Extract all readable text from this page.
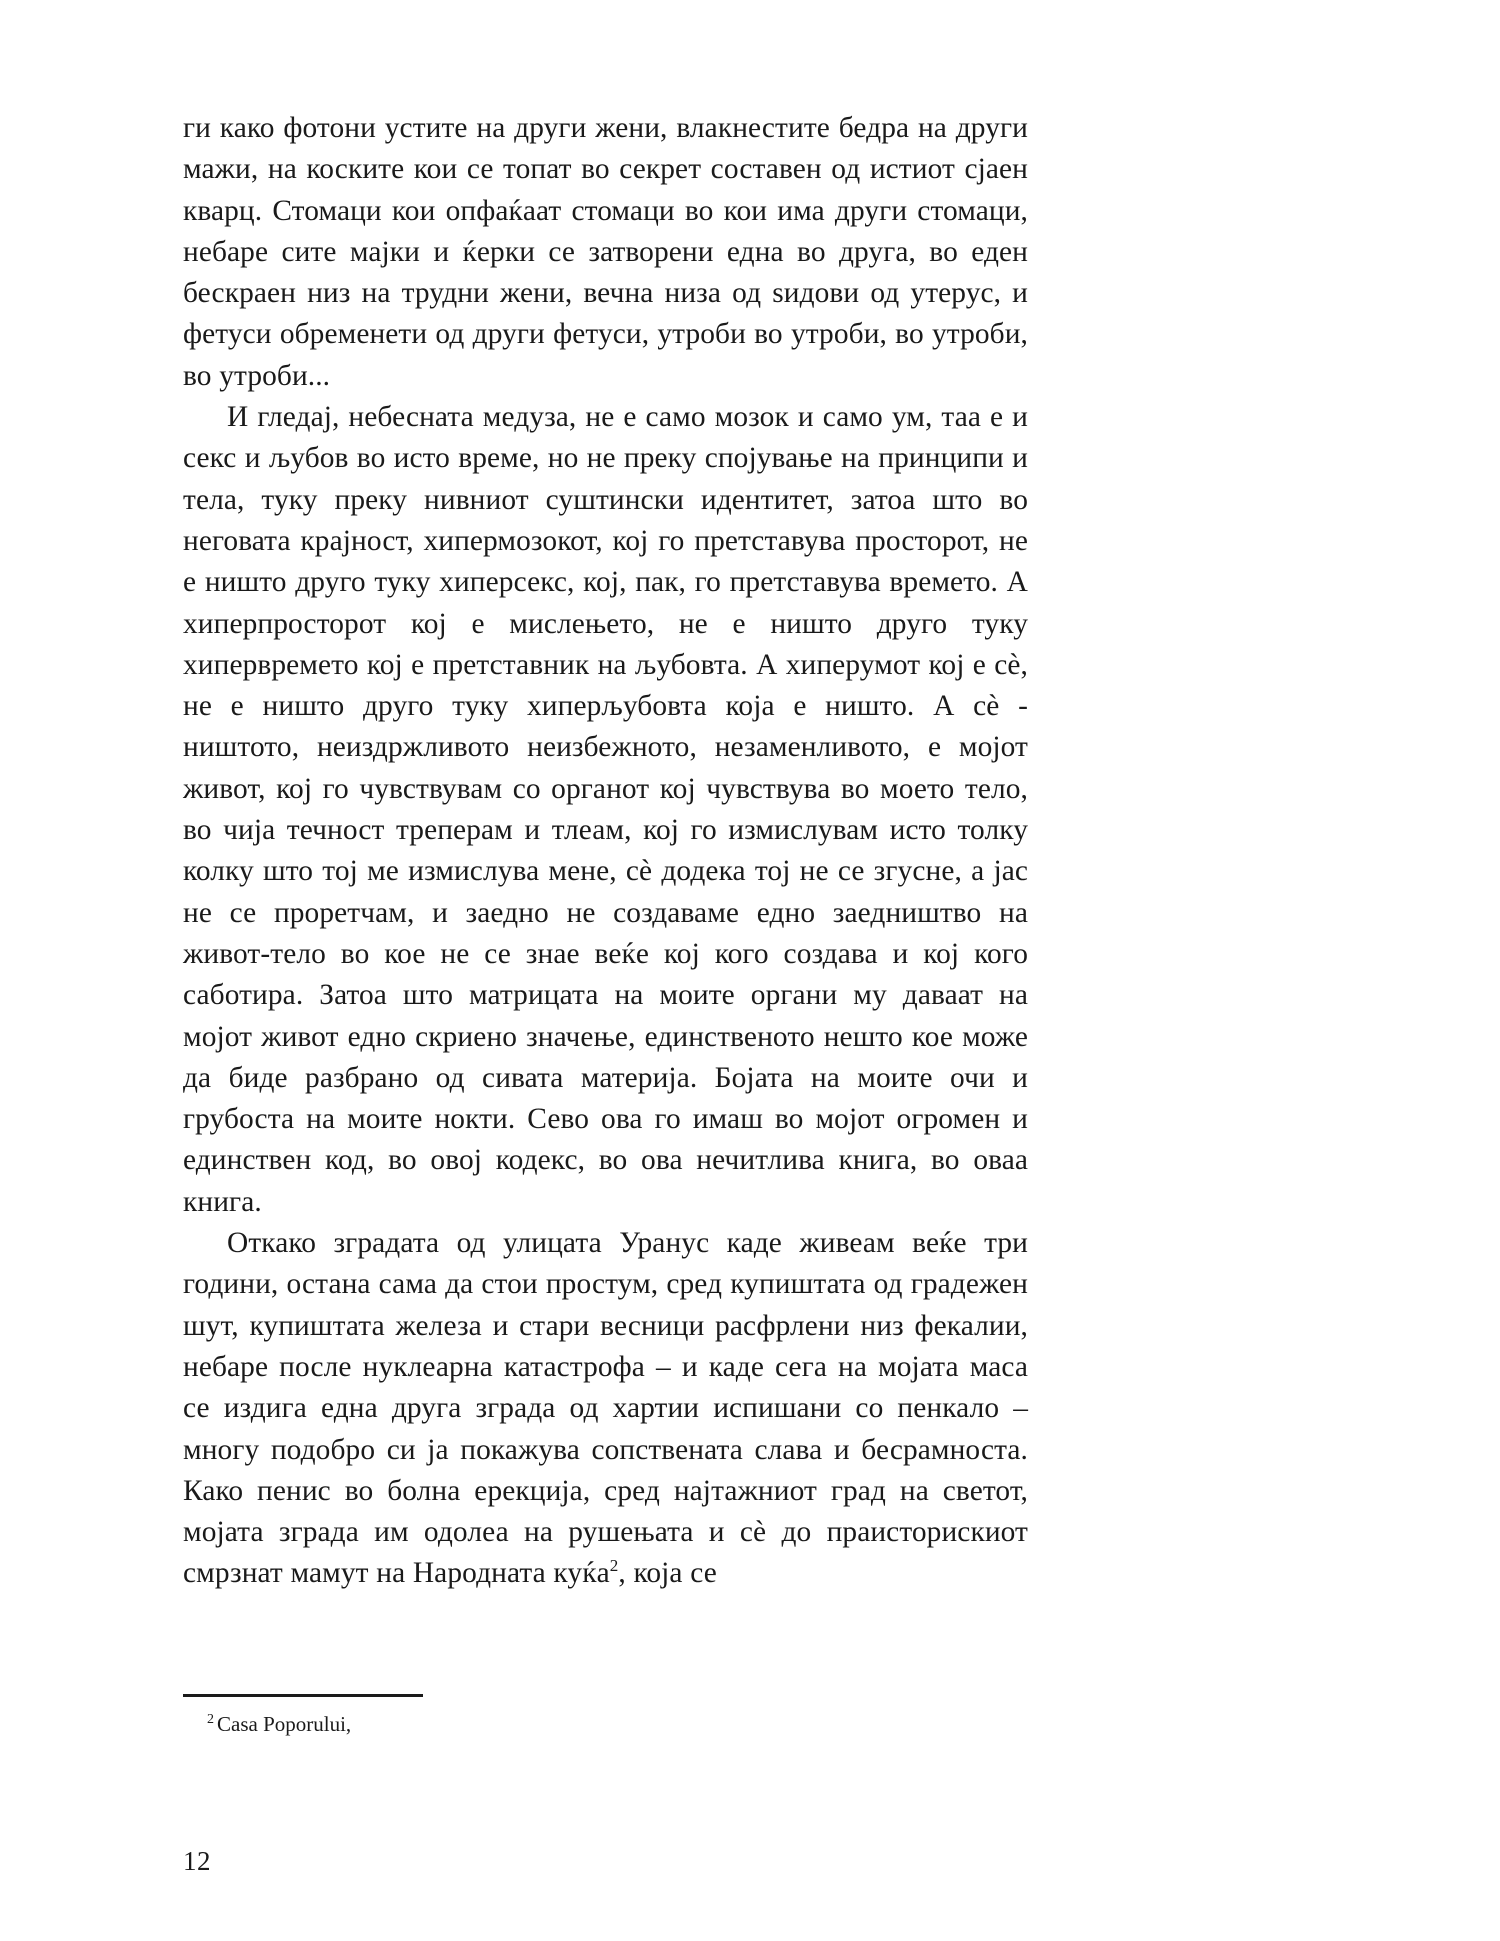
ги како фотони устите на други жени, влакнестите бедра на други мажи, на коските кои се топат во секрет составен од истиот сјаен кварц. Стомаци кои опфаќаат стомаци во кои има други стомаци, небаре сите мајки и ќерки се затворени една во друга, во еден бескраен низ на трудни жени, вечна низа од ѕидови од утерус, и фетуси обременети од други фетуси, утроби во утроби, во утроби, во утроби...

И гледај, небесната медуза, не е само мозок и само ум, таа е и секс и љубов во исто време, но не преку спојување на принципи и тела, туку преку нивниот суштински идентитет, затоа што во неговата крајност, хипермозокот, кој го претставува просторот, не е ништо друго туку хиперсекс, кој, пак, го претставува времето. А хиперпросторот кој е мислењето, не е ништо друго туку хипервремето кој е претставник на љубовта. А хиперумот кој е сè, не е ништо друго туку хиперљубовта која е ништо. А сè - ништото, неиздржливото неизбежното, незаменливото, е мојот живот, кој го чувствувам со органот кој чувствува во моето тело, во чија течност треперам и тлеам, кој го измислувам исто толку колку што тој ме измислува мене, сè додека тој не се згусне, а јас не се проретчам, и заедно не создаваме едно заедништво на живот-тело во кое не се знае веќе кој кого создава и кој кого саботира. Затоа што матрицата на моите органи му даваат на мојот живот едно скриено значење, единственото нешто кое може да биде разбрано од сивата материја. Бојата на моите очи и грубоста на моите нокти. Сево ова го имаш во мојот огромен и единствен код, во овој кодекс, во ова нечитлива книга, во оваа книга.

Откако зградата од улицата Уранус каде живеам веќе три години, остана сама да стои простум, сред купиштата од градежен шут, купиштата железа и стари весници расфрлени низ фекалии, небаре после нуклеарна катастрофа – и каде сега на мојата маса се издига една друга зграда од хартии испишани со пенкало – многу подобро си ја покажува сопствената слава и бесрамноста. Како пенис во болна ерекција, сред најтажниот град на светот, мојата зграда им одолеа на рушењата и сè до праисторискиот смрзнат мамут на Народната куќа$^2$, која се

$^2$ Casa Poporului,

12
